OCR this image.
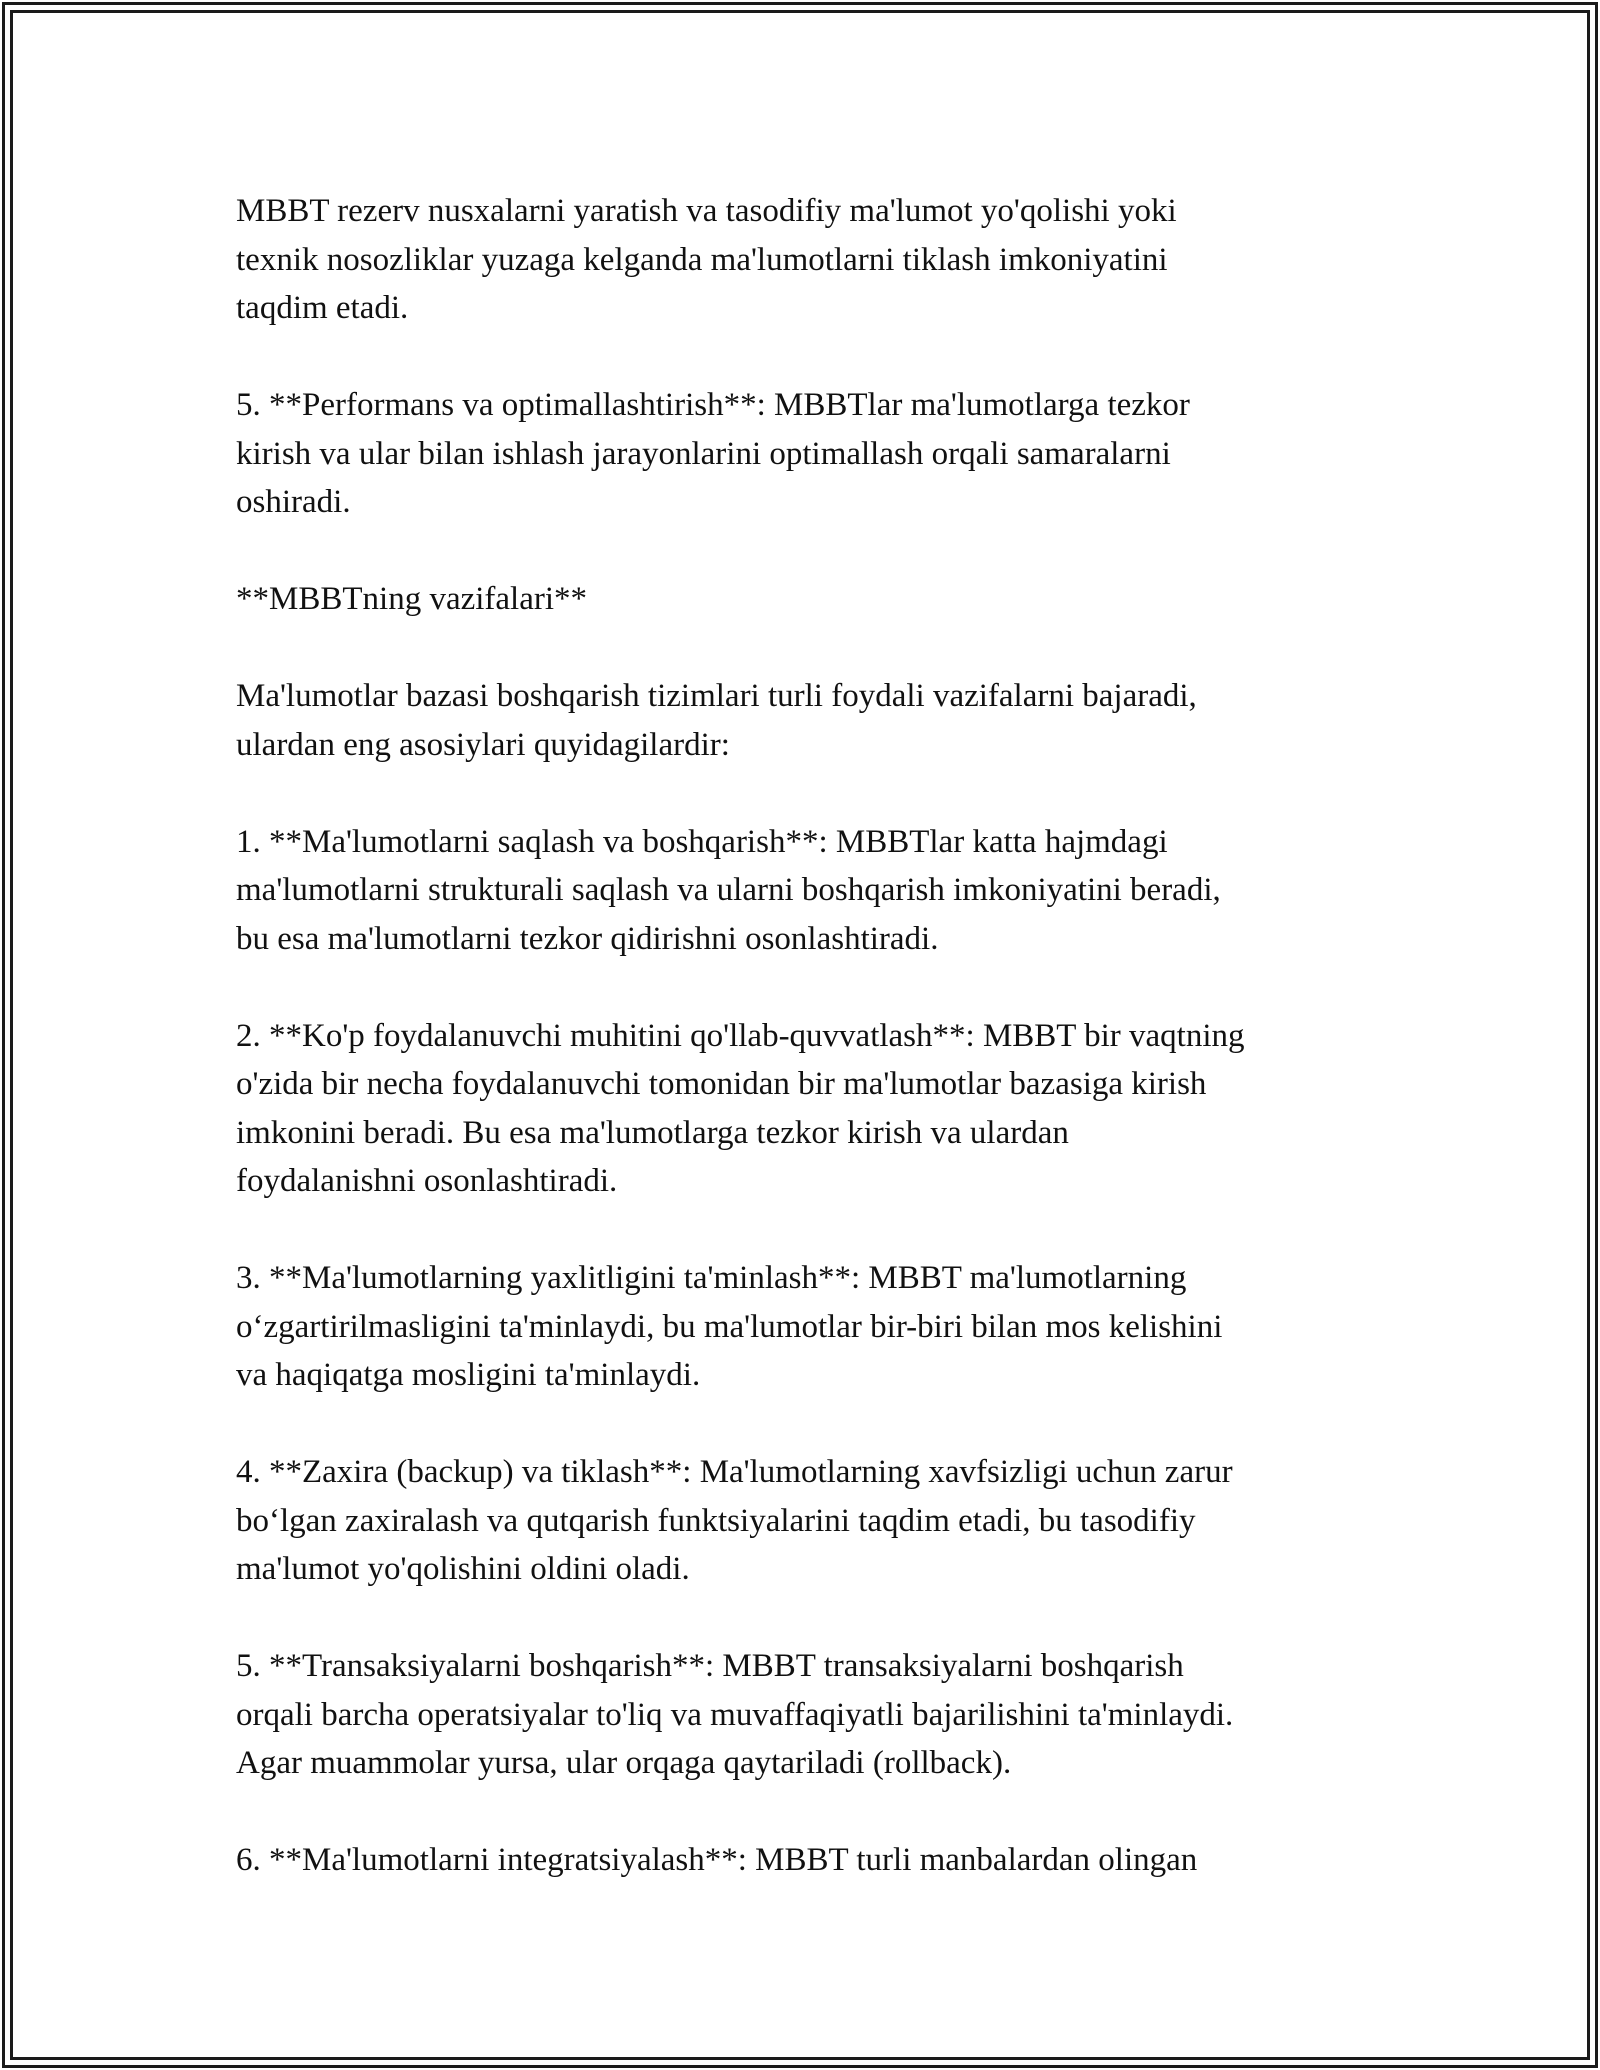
MBBT rezerv nusxalarni yaratish va tasodifiy ma'lumot yo'qolishi yoki
texnik nosozliklar yuzaga kelganda ma'lumotlarni tiklash imkoniyatini
taqdim etadi.

5. **Performans va optimallashtirish**: MBBTlar ma'lumotlarga tezkor
kirish va ular bilan ishlash jarayonlarini optimallash orqali samaralarni
oshiradi.

**MBBTning vazifalari**

Ma'lumotlar bazasi boshqarish tizimlari turli foydali vazifalarni bajaradi,
ulardan eng asosiylari quyidagilardir:

1. **Ma'lumotlarni saqlash va boshqarish**: MBBTlar katta hajmdagi
ma'lumotlarni strukturali saqlash va ularni boshqarish imkoniyatini beradi,
bu esa ma'lumotlarni tezkor qidirishni osonlashtiradi.

2. **Ko'p foydalanuvchi muhitini qo'llab-quvvatlash**: MBBT bir vaqtning
o'zida bir necha foydalanuvchi tomonidan bir ma'lumotlar bazasiga kirish
imkonini beradi. Bu esa ma'lumotlarga tezkor kirish va ulardan
foydalanishni osonlashtiradi.

3. **Ma'lumotlarning yaxlitligini ta'minlash**: MBBT ma'lumotlarning
oʻzgartirilmasligini ta'minlaydi, bu ma'lumotlar bir-biri bilan mos kelishini
va haqiqatga mosligini ta'minlaydi.

4. **Zaxira (backup) va tiklash**: Ma'lumotlarning xavfsizligi uchun zarur
boʻlgan zaxiralash va qutqarish funktsiyalarini taqdim etadi, bu tasodifiy
ma'lumot yo'qolishini oldini oladi.

5. **Transaksiyalarni boshqarish**: MBBT transaksiyalarni boshqarish
orqali barcha operatsiyalar to'liq va muvaffaqiyatli bajarilishini ta'minlaydi.
Agar muammolar yursa, ular orqaga qaytariladi (rollback).

6. **Ma'lumotlarni integratsiyalash**: MBBT turli manbalardan olingan
